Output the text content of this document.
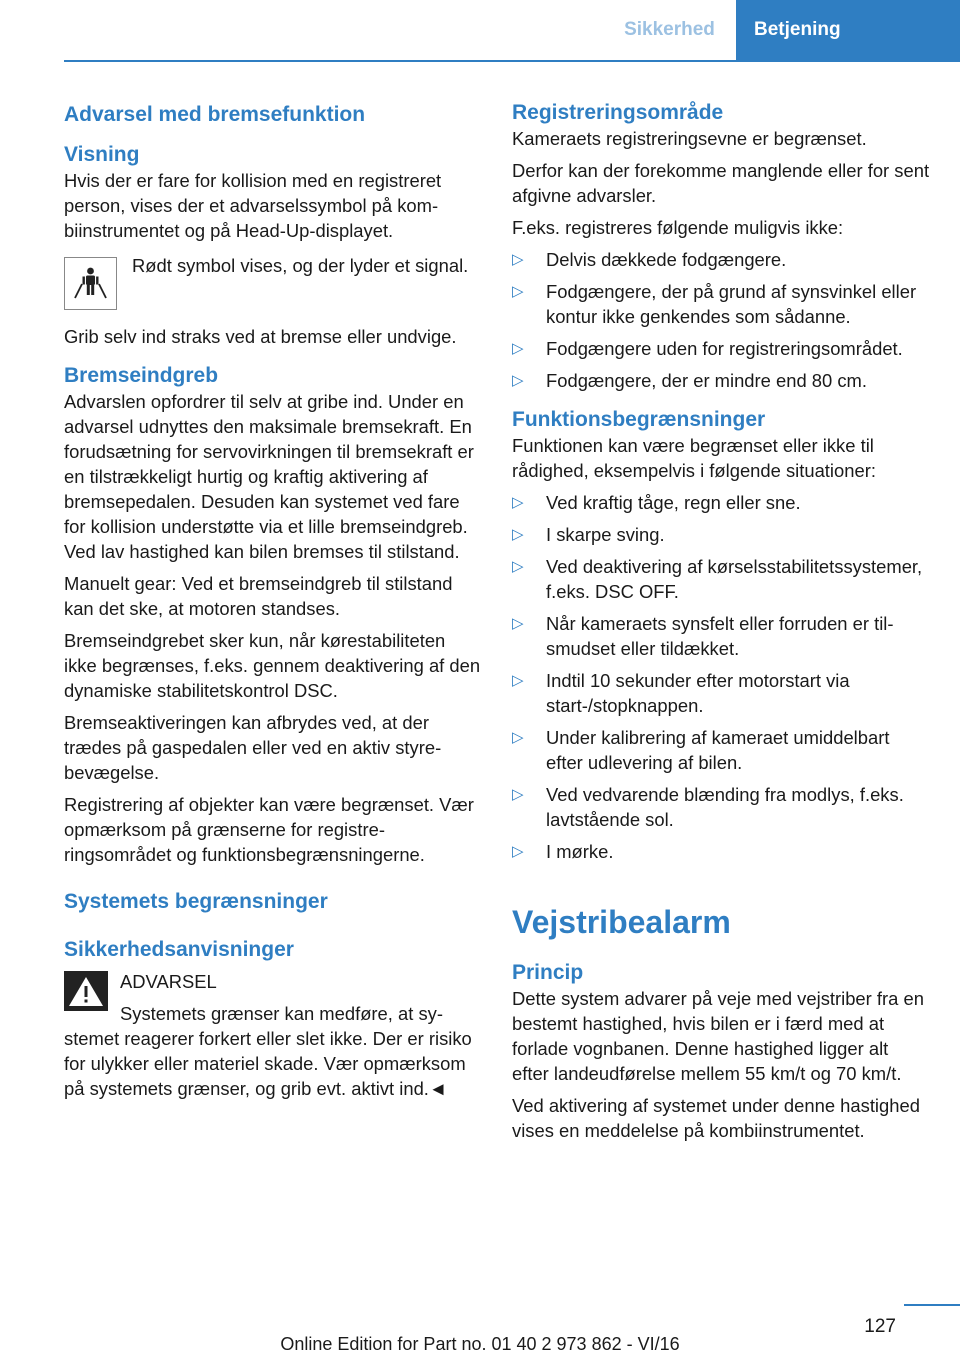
Sikkerhed	Betjening
Advarsel med bremsefunktion
Visning

Hvis der er fare for kollision med en registreret person, vises der et advarselssymbol på kombiinstrumentet og på Head-Up-displayet.

Rødt symbol vises, og der lyder et signal.

Grib selv ind straks ved at bremse eller undvige.

Bremseindgreb

Advarslen opfordrer til selv at gribe ind. Under en advarsel udnyttes den maksimale bremsekraft. En forudsætning for servovirkningen til bremsekraft er en tilstrækkeligt hurtig og kraftig aktivering af bremsepedalen. Desuden kan systemet ved fare for kollision understøtte via et lille bremseindgreb. Ved lav hastighed kan bilen bremses til stilstand.

Manuelt gear: Ved et bremseindgreb til stilstand kan det ske, at motoren standses.

Bremseindgrebet sker kun, når kørestabiliteten ikke begrænses, f.eks. gennem deaktivering af den dynamiske stabilitetskontrol DSC.

Bremseaktiveringen kan afbrydes ved, at der trædes på gaspedalen eller ved en aktiv styrebevægelse.

Registrering af objekter kan være begrænset. Vær opmærksom på grænserne for registreringsområdet og funktionsbegrænsningerne.

Systemets begrænsninger
Sikkerhedsanvisninger

ADVARSEL

Systemets grænser kan medføre, at systemet reagerer forkert eller slet ikke. Der er risiko for ulykker eller materiel skade. Vær opmærksom på systemets grænser, og grib evt. aktivt ind.◄

Registreringsområde

Kameraets registreringsevne er begrænset.

Derfor kan der forekomme manglende eller for sent afgivne advarsler.

F.eks. registreres følgende muligvis ikke:

▷ Delvis dækkede fodgængere.
▷ Fodgængere, der på grund af synsvinkel eller kontur ikke genkendes som sådanne.
▷ Fodgængere uden for registreringsområdet.
▷ Fodgængere, der er mindre end 80 cm.
Funktionsbegrænsninger

Funktionen kan være begrænset eller ikke til rådighed, eksempelvis i følgende situationer:

▷ Ved kraftig tåge, regn eller sne.
▷ I skarpe sving.
▷ Ved deaktivering af kørselsstabilitetssystemer, f.eks. DSC OFF.
▷ Når kameraets synsfelt eller forruden er tilsmudset eller tildækket.
▷ Indtil 10 sekunder efter motorstart via start-/stopknappen.
▷ Under kalibrering af kameraet umiddelbart efter udlevering af bilen.
▷ Ved vedvarende blænding fra modlys, f.eks. lavtstående sol.
▷ I mørke.
Vejstribealarm
Princip

Dette system advarer på veje med vejstriber fra en bestemt hastighed, hvis bilen er i færd med at forlade vognbanen. Denne hastighed ligger alt efter landeudførelse mellem 55 km/t og 70 km/t.

Ved aktivering af systemet under denne hastighed vises en meddelelse på kombiinstrumentet.

127
Online Edition for Part no. 01 40 2 973 862 - VI/16
